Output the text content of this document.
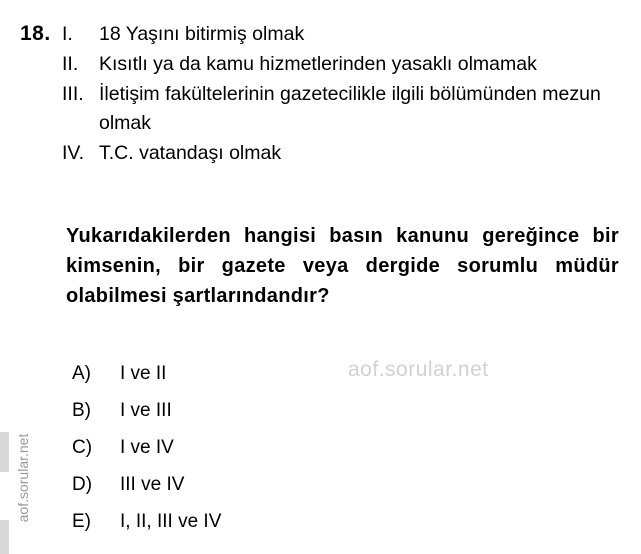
18. I.	18 Yaşını bitirmiş olmak
II.	Kısıtlı ya da kamu hizmetlerinden yasaklı olmamak
III. İletişim fakültelerinin gazetecilikle ilgili bölümünden mezun olmak
IV. T.C. vatandaşı olmak
Yukarıdakilerden hangisi basın kanunu gereğince bir kimsenin, bir gazete veya dergide sorumlu müdür olabilmesi şartlarındandır?
A)	I ve II
B)	I ve III
C)	I ve IV
D)	III ve IV
E)	I, II, III ve IV
aof.sorular.net
aof.sorular.net
